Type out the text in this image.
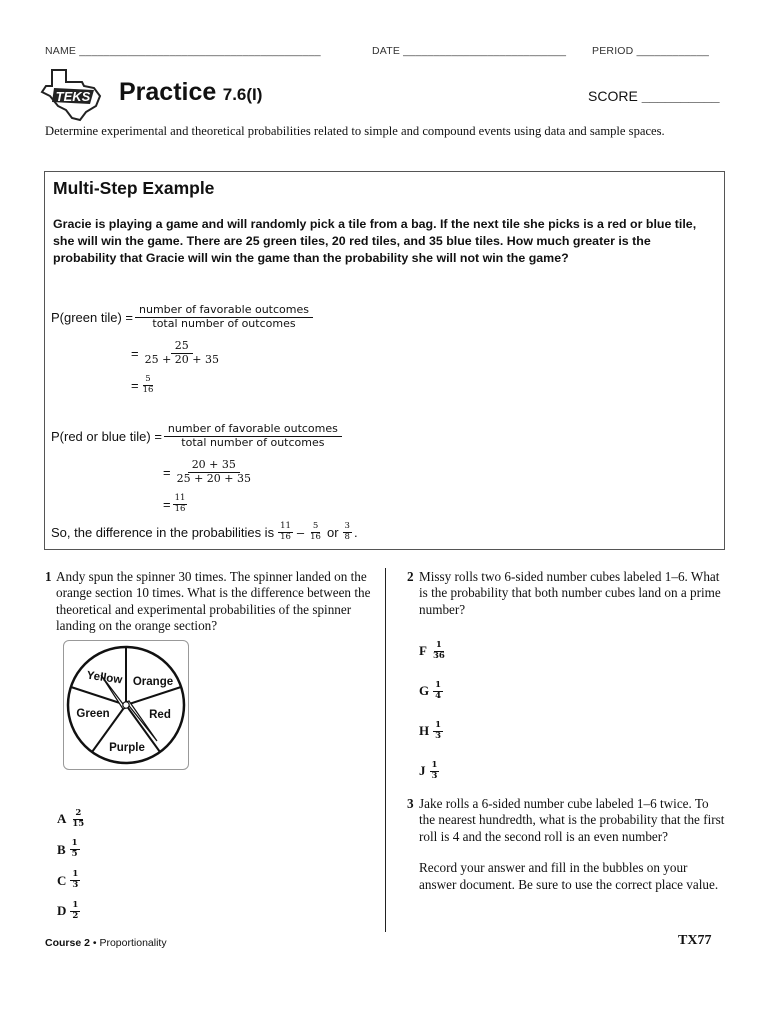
NAME ________________________________________	DATE ___________________________ PERIOD ____________
TEKS Practice 7.6(I)	SCORE __________
Determine experimental and theoretical probabilities related to simple and compound events using data and sample spaces.
Multi-Step Example
Gracie is playing a game and will randomly pick a tile from a bag. If the next tile she picks is a red or blue tile, she will win the game. There are 25 green tiles, 20 red tiles, and 35 blue tiles. How much greater is the probability that Gracie will win the game than the probability she will not win the game?
P(green tile) = $\frac{\text{number of favorable outcomes}}{\text{total number of outcomes}}$
= $\frac{25}{25 + 20 + 35}$
= $\frac{5}{16}$
P(red or blue tile) = $\frac{\text{number of favorable outcomes}}{\text{total number of outcomes}}$
= $\frac{20 + 35}{25 + 20 + 35}$
= $\frac{11}{16}$
So, the difference in the probabilities is $\frac{11}{16} - \frac{5}{16}$ or $\frac{3}{8}$ .
1 Andy spun the spinner 30 times. The spinner landed on the orange section 10 times. What is the difference between the theoretical and experimental probabilities of the spinner landing on the orange section?
Yellow Orange
Red
Purple
Green
A $\frac{2}{15}$
B $\frac{1}{5}$
C $\frac{1}{3}$
D $\frac{1}{2}$
2 Missy rolls two 6-sided number cubes labeled 1–6. What is the probability that both number cubes land on a prime number?
F $\frac{1}{36}$
G $\frac{1}{4}$
H $\frac{1}{3}$
J $\frac{1}{3}$
3 Jake rolls a 6-sided number cube labeled 1–6 twice. To the nearest hundredth, what is the probability that the first roll is 4 and the second roll is an even number?
Record your answer and fill in the bubbles on your answer document. Be sure to use the correct place value.
Course 2 • Proportionality	TX77
